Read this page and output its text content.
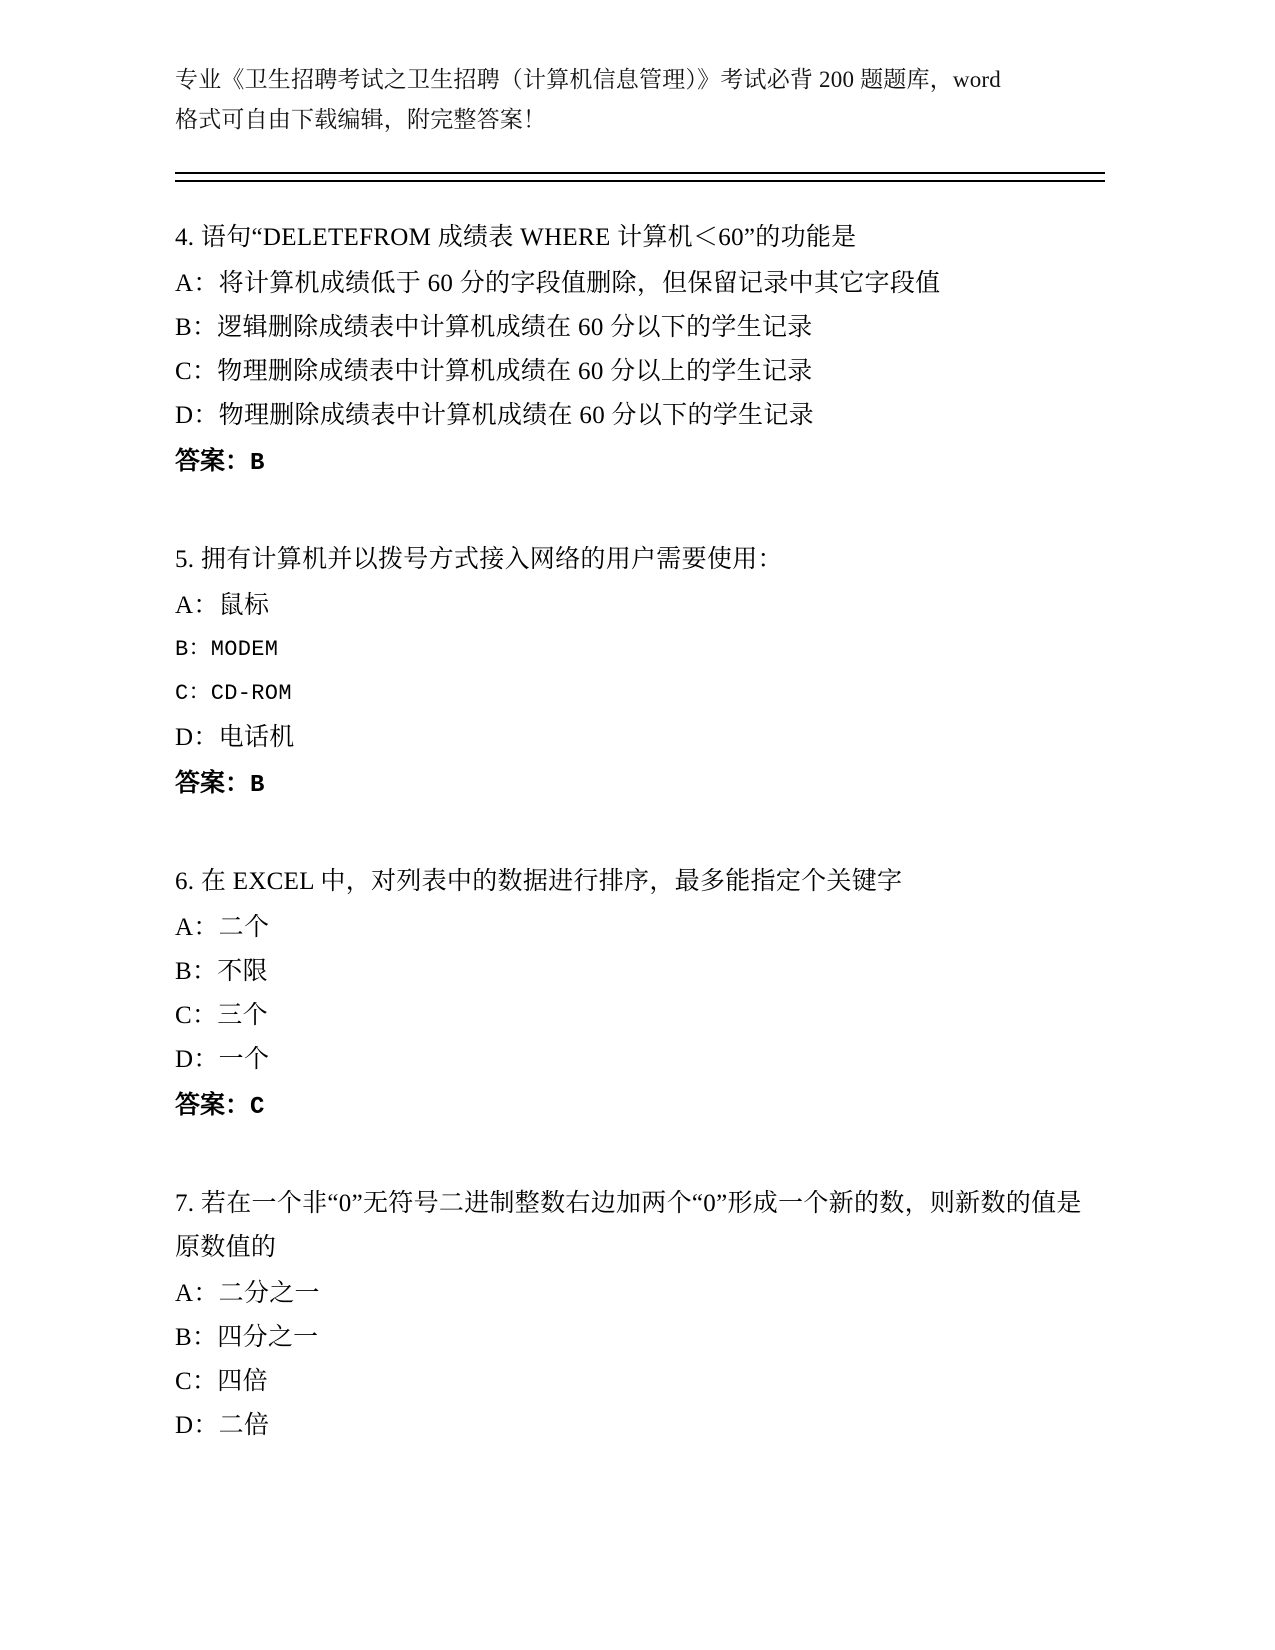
专业《卫生招聘考试之卫生招聘（计算机信息管理）》考试必背 200 题题库，word
格式可自由下载编辑，附完整答案！
4. 语句“DELETEFROM 成绩表 WHERE 计算机＜60”的功能是
A：将计算机成绩低于 60 分的字段值删除，但保留记录中其它字段值
B：逻辑删除成绩表中计算机成绩在 60 分以下的学生记录
C：物理删除成绩表中计算机成绩在 60 分以上的学生记录
D：物理删除成绩表中计算机成绩在 60 分以下的学生记录
答案：B
5. 拥有计算机并以拨号方式接入网络的用户需要使用：
A：鼠标
B：MODEM
C：CD-ROM
D：电话机
答案：B
6. 在 EXCEL 中，对列表中的数据进行排序，最多能指定个关键字
A：二个
B：不限
C：三个
D：一个
答案：C
7. 若在一个非“0”无符号二进制整数右边加两个“0”形成一个新的数，则新数的值是原数值的
A：二分之一
B：四分之一
C：四倍
D：二倍
